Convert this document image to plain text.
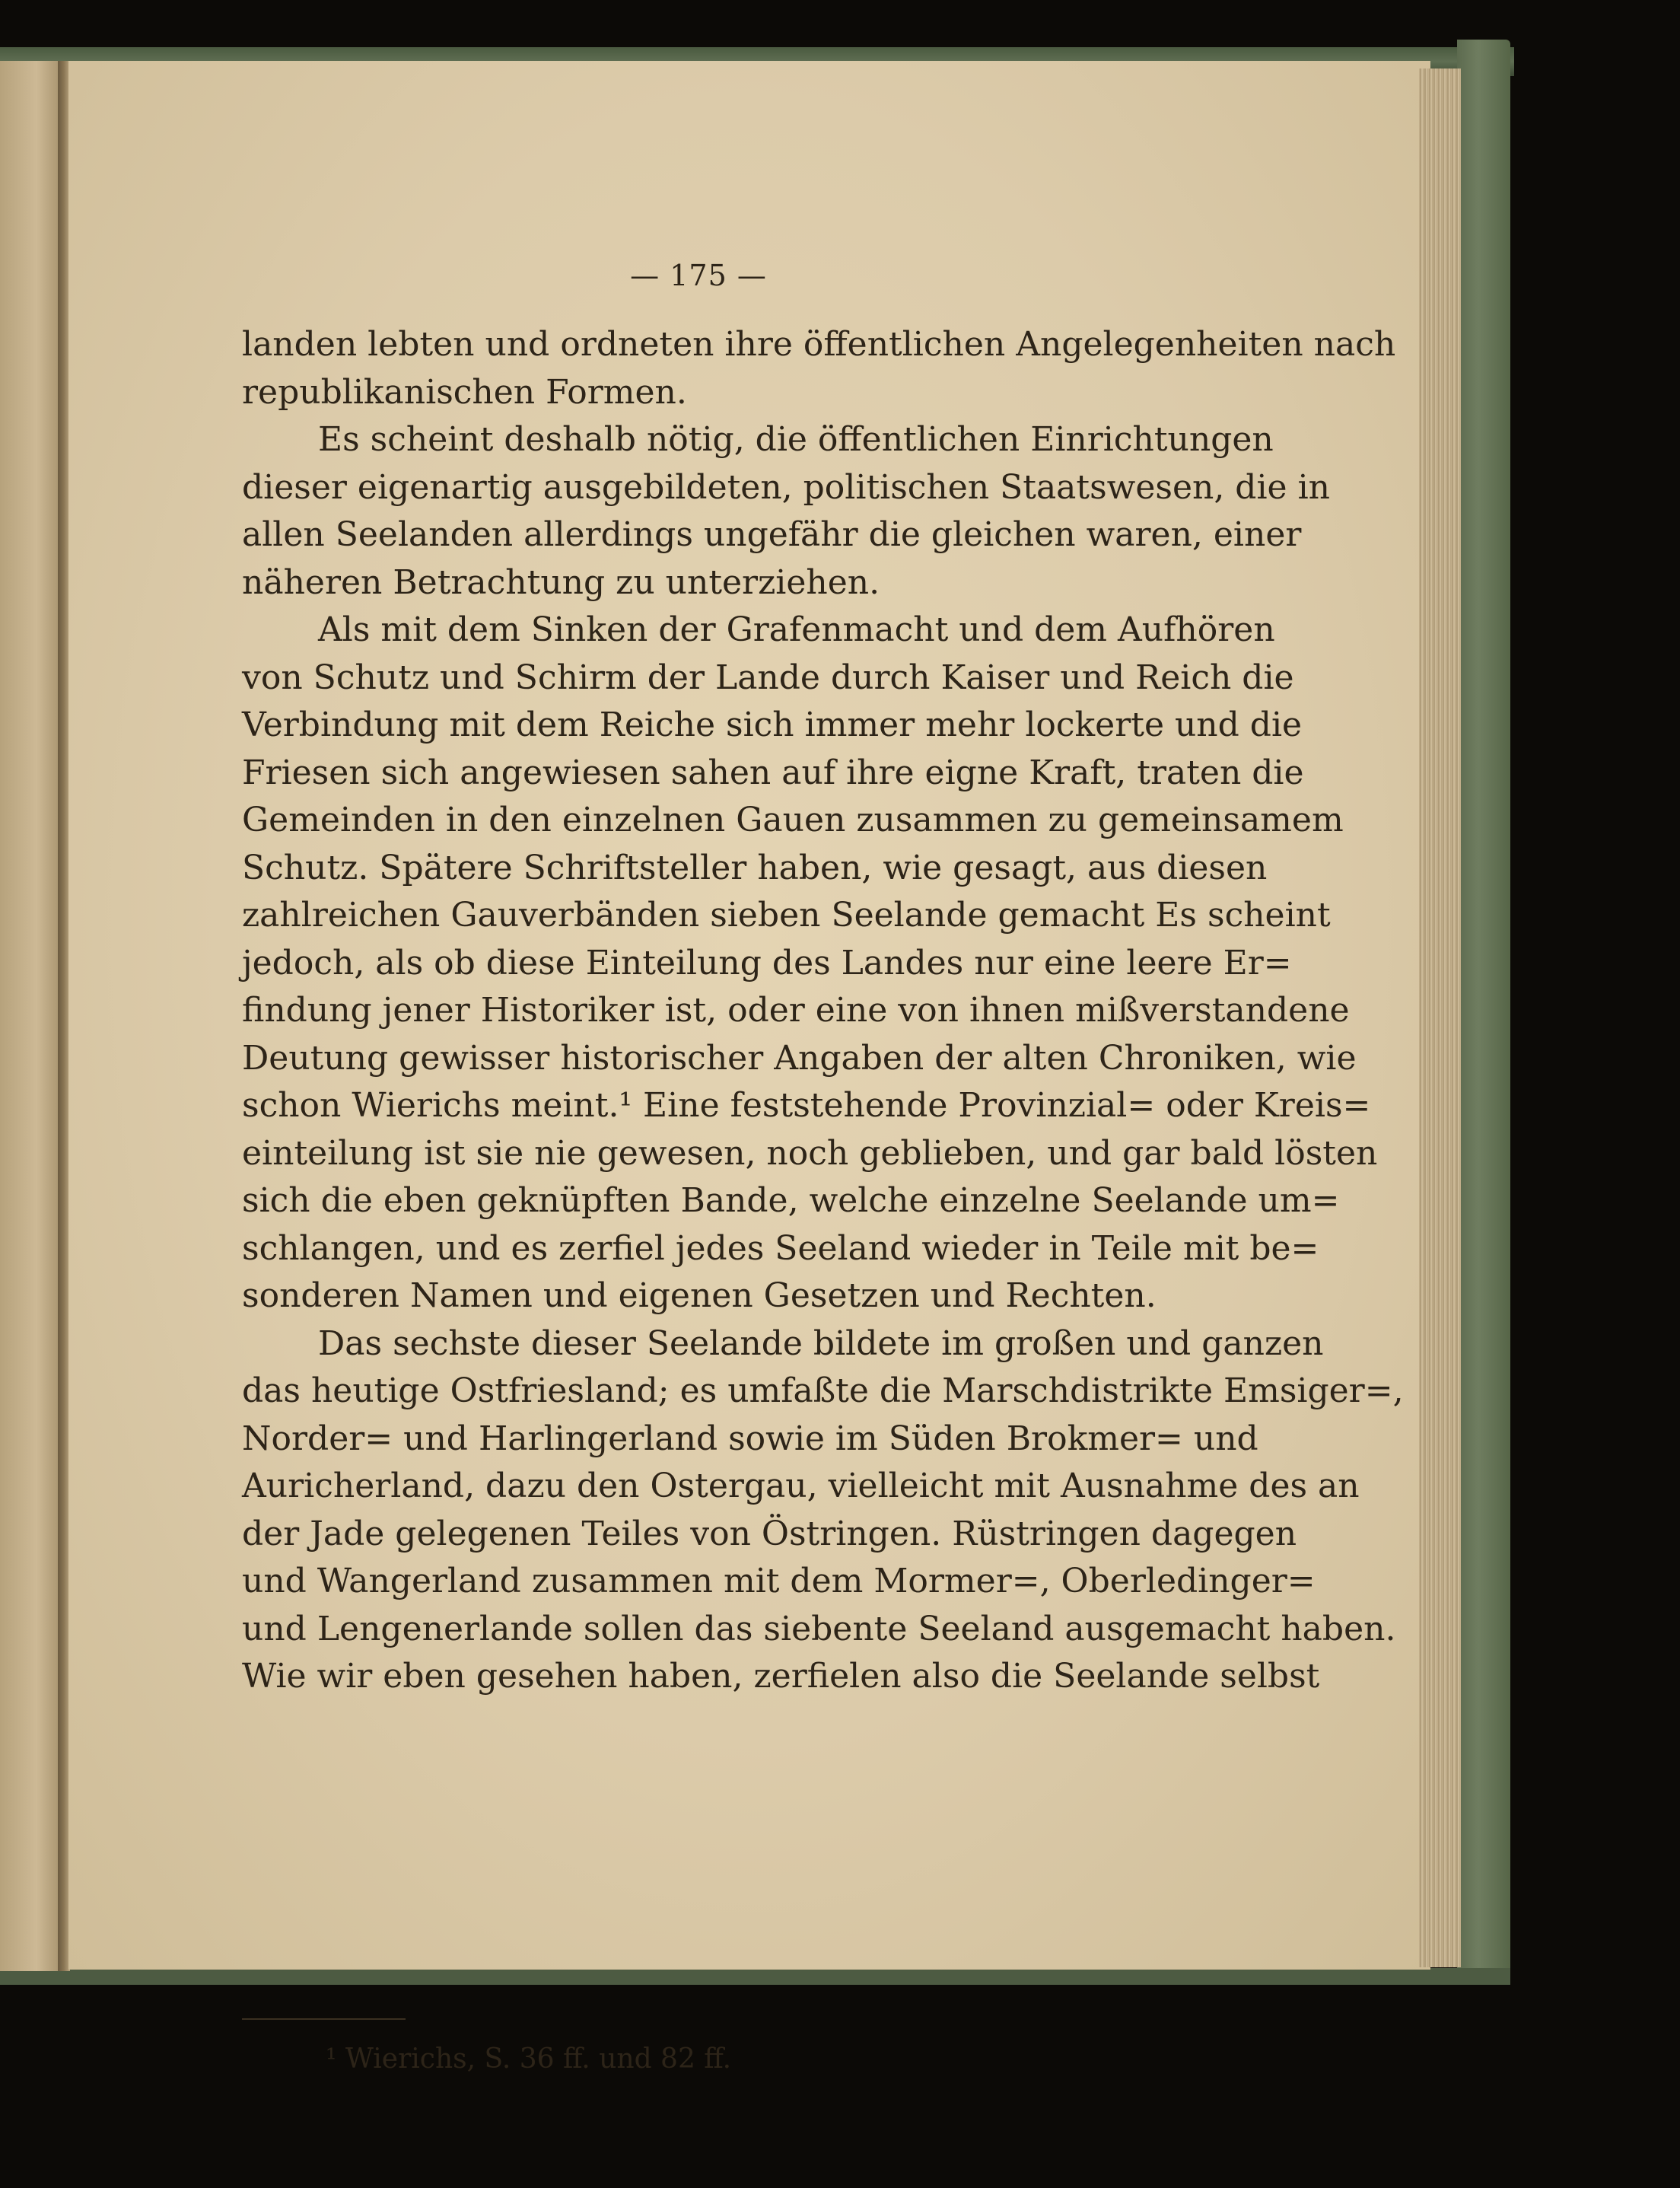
— 175 —
landen lebten und ordneten ihre öffentlichen Angelegenheiten nach
republikanischen Formen.
Es scheint deshalb nötig, die öffentlichen Einrichtungen
dieser eigenartig ausgebildeten, politischen Staatswesen, die in
allen Seelanden allerdings ungefähr die gleichen waren, einer
näheren Betrachtung zu unterziehen.
Als mit dem Sinken der Grafenmacht und dem Aufhören
von Schutz und Schirm der Lande durch Kaiser und Reich die
Verbindung mit dem Reiche sich immer mehr lockerte und die
Friesen sich angewiesen sahen auf ihre eigne Kraft, traten die
Gemeinden in den einzelnen Gauen zusammen zu gemeinsamem
Schutz. Spätere Schriftsteller haben, wie gesagt, aus diesen
zahlreichen Gauverbänden sieben Seelande gemacht Es scheint
jedoch, als ob diese Einteilung des Landes nur eine leere Er=
findung jener Historiker ist, oder eine von ihnen mißverstandene
Deutung gewisser historischer Angaben der alten Chroniken, wie
schon Wierichs meint.¹ Eine feststehende Provinzial= oder Kreis=
einteilung ist sie nie gewesen, noch geblieben, und gar bald lösten
sich die eben geknüpften Bande, welche einzelne Seelande um=
schlangen, und es zerfiel jedes Seeland wieder in Teile mit be=
sonderen Namen und eigenen Gesetzen und Rechten.
Das sechste dieser Seelande bildete im großen und ganzen
das heutige Ostfriesland; es umfaßte die Marschdistrikte Emsiger=,
Norder= und Harlingerland sowie im Süden Brokmer= und
Auricherland, dazu den Ostergau, vielleicht mit Ausnahme des an
der Jade gelegenen Teiles von Östringen. Rüstringen dagegen
und Wangerland zusammen mit dem Mormer=, Oberledinger=
und Lengenerlande sollen das siebente Seeland ausgemacht haben.
Wie wir eben gesehen haben, zerfielen also die Seelande selbst
¹ Wierichs, S. 36 ff. und 82 ff.
